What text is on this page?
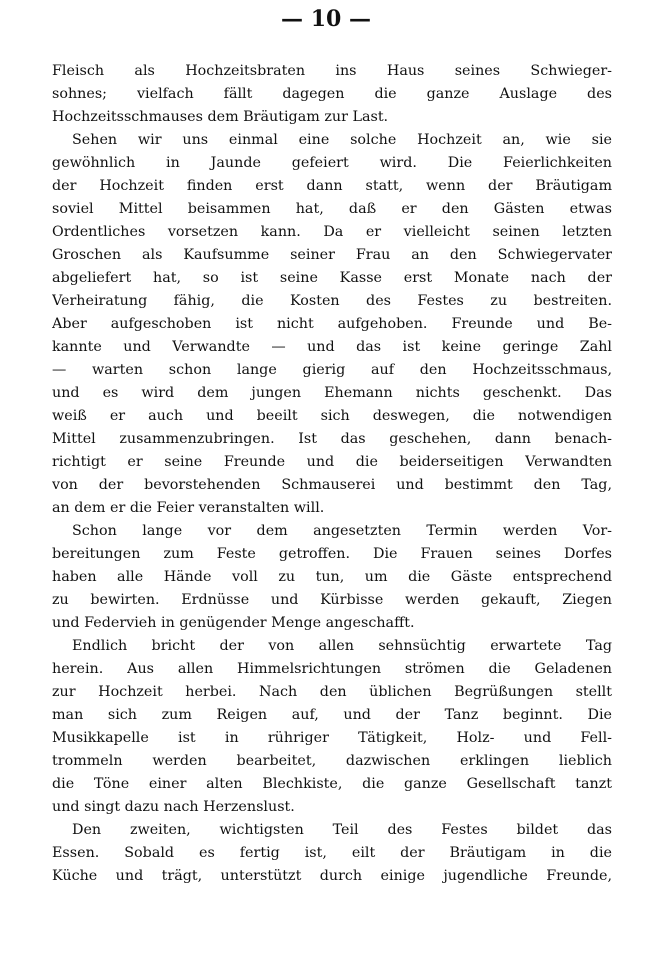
— 10 —
Fleisch als Hochzeitsbraten ins Haus seines Schwieger-
sohnes; vielfach fällt dagegen die ganze Auslage des
Hochzeitsschmauses dem Bräutigam zur Last.
Sehen wir uns einmal eine solche Hochzeit an, wie sie
gewöhnlich in Jaunde gefeiert wird. Die Feierlichkeiten
der Hochzeit finden erst dann statt, wenn der Bräutigam
soviel Mittel beisammen hat, daß er den Gästen etwas
Ordentliches vorsetzen kann. Da er vielleicht seinen letzten
Groschen als Kaufsumme seiner Frau an den Schwiegervater
abgeliefert hat, so ist seine Kasse erst Monate nach der
Verheiratung fähig, die Kosten des Festes zu bestreiten.
Aber aufgeschoben ist nicht aufgehoben. Freunde und Be-
kannte und Verwandte — und das ist keine geringe Zahl
— warten schon lange gierig auf den Hochzeitsschmaus,
und es wird dem jungen Ehemann nichts geschenkt. Das
weiß er auch und beeilt sich deswegen, die notwendigen
Mittel zusammenzubringen. Ist das geschehen, dann benach-
richtigt er seine Freunde und die beiderseitigen Verwandten
von der bevorstehenden Schmauserei und bestimmt den Tag,
an dem er die Feier veranstalten will.
Schon lange vor dem angesetzten Termin werden Vor-
bereitungen zum Feste getroffen. Die Frauen seines Dorfes
haben alle Hände voll zu tun, um die Gäste entsprechend
zu bewirten. Erdnüsse und Kürbisse werden gekauft, Ziegen
und Federvieh in genügender Menge angeschafft.
Endlich bricht der von allen sehnsüchtig erwartete Tag
herein. Aus allen Himmelsrichtungen strömen die Geladenen
zur Hochzeit herbei. Nach den üblichen Begrüßungen stellt
man sich zum Reigen auf, und der Tanz beginnt. Die
Musikkapelle ist in rühriger Tätigkeit, Holz- und Fell-
trommeln werden bearbeitet, dazwischen erklingen lieblich
die Töne einer alten Blechkiste, die ganze Gesellschaft tanzt
und singt dazu nach Herzenslust.
Den zweiten, wichtigsten Teil des Festes bildet das
Essen. Sobald es fertig ist, eilt der Bräutigam in die
Küche und trägt, unterstützt durch einige jugendliche Freunde,
